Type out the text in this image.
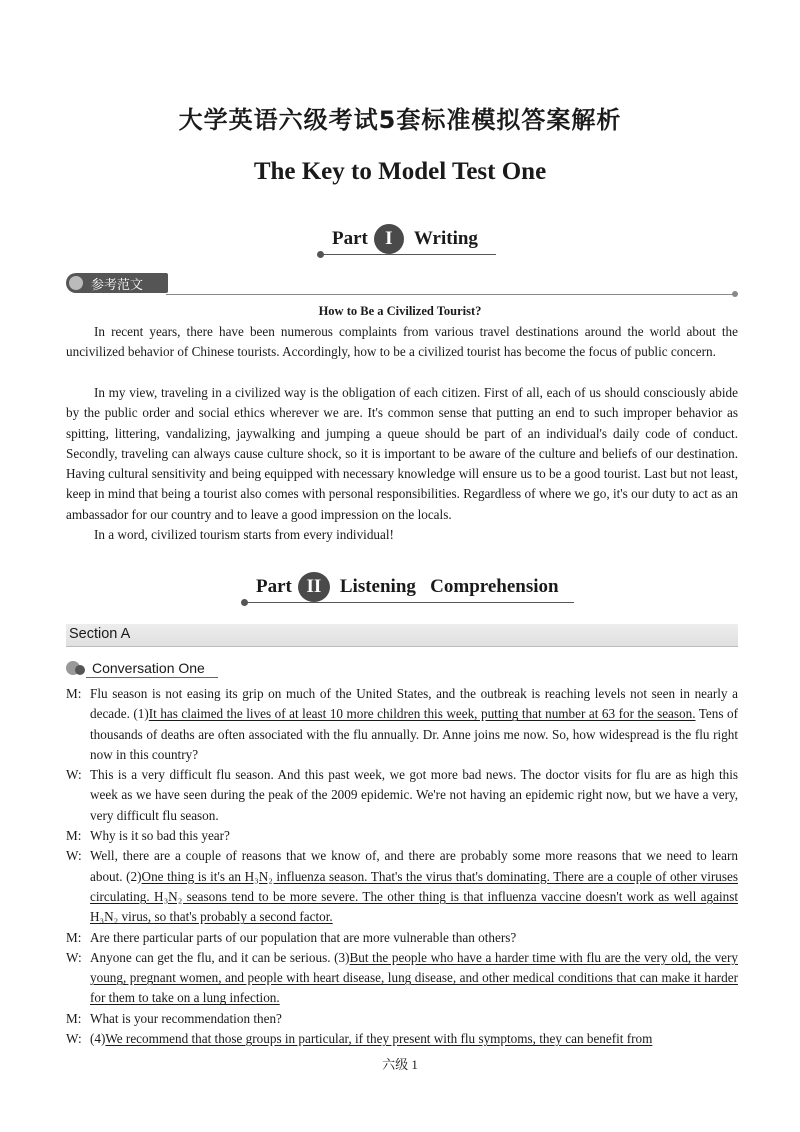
大学英语六级考试5套标准模拟答案解析
The Key to Model Test One
Part I	Writing
参考范文
How to Be a Civilized Tourist?
In recent years, there have been numerous complaints from various travel destinations around the world about the uncivilized behavior of Chinese tourists. Accordingly, how to be a civilized tourist has become the focus of public concern.
In my view, traveling in a civilized way is the obligation of each citizen. First of all, each of us should consciously abide by the public order and social ethics wherever we are. It's common sense that putting an end to such improper behavior as spitting, littering, vandalizing, jaywalking and jumping a queue should be part of an individual's daily code of conduct. Secondly, traveling can always cause culture shock, so it is important to be aware of the culture and beliefs of our destination. Having cultural sensitivity and being equipped with necessary knowledge will ensure us to be a good tourist. Last but not least, keep in mind that being a tourist also comes with personal responsibilities. Regardless of where we go, it's our duty to act as an ambassador for our country and to leave a good impression on the locals.
In a word, civilized tourism starts from every individual!
Part II Listening   Comprehension
Section A
Conversation One
M: Flu season is not easing its grip on much of the United States, and the outbreak is reaching levels not seen in nearly a decade. (1)It has claimed the lives of at least 10 more children this week, putting that number at 63 for the season. Tens of thousands of deaths are often associated with the flu annually. Dr. Anne joins me now. So, how widespread is the flu right now in this country?
W: This is a very difficult flu season. And this past week, we got more bad news. The doctor visits for flu are as high this week as we have seen during the peak of the 2009 epidemic. We're not having an epidemic right now, but we have a very, very difficult flu season.
M: Why is it so bad this year?
W: Well, there are a couple of reasons that we know of, and there are probably some more reasons that we need to learn about. (2)One thing is it's an H₃N₂ influenza season. That's the virus that's dominating. There are a couple of other viruses circulating. H₃N₂ seasons tend to be more severe. The other thing is that influenza vaccine doesn't work as well against H₃N₂ virus, so that's probably a second factor.
M: Are there particular parts of our population that are more vulnerable than others?
W: Anyone can get the flu, and it can be serious. (3)But the people who have a harder time with flu are the very old, the very young, pregnant women, and people with heart disease, lung disease, and other medical conditions that can make it harder for them to take on a lung infection.
M: What is your recommendation then?
W: (4)We recommend that those groups in particular, if they present with flu symptoms, they can benefit from
六级 1
